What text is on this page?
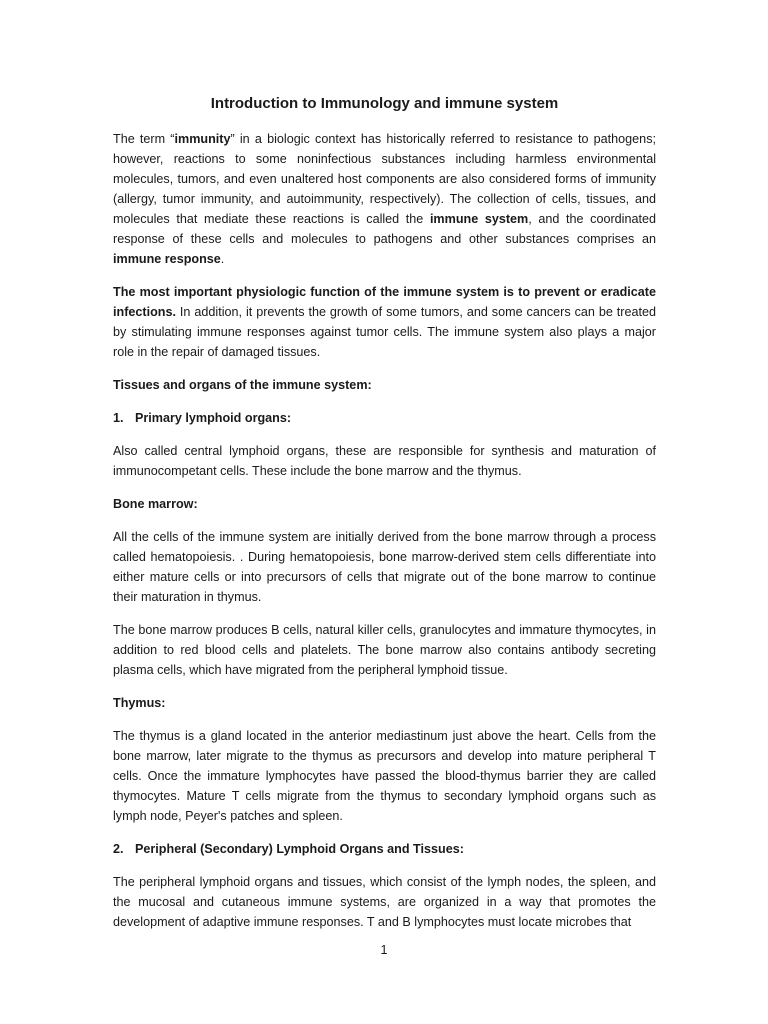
Introduction to Immunology and immune system

The term “immunity” in a biologic context has historically referred to resistance to pathogens; however, reactions to some noninfectious substances including harmless environmental molecules, tumors, and even unaltered host components are also considered forms of immunity (allergy, tumor immunity, and autoimmunity, respectively). The collection of cells, tissues, and molecules that mediate these reactions is called the immune system, and the coordinated response of these cells and molecules to pathogens and other substances comprises an immune response.

The most important physiologic function of the immune system is to prevent or eradicate infections. In addition, it prevents the growth of some tumors, and some cancers can be treated by stimulating immune responses against tumor cells. The immune system also plays a major role in the repair of damaged tissues.

Tissues and organs of the immune system:
1. Primary lymphoid organs:

Also called central lymphoid organs, these are responsible for synthesis and maturation of immunocompetant cells. These include the bone marrow and the thymus.

Bone marrow:

All the cells of the immune system are initially derived from the bone marrow through a process called hematopoiesis. . During hematopoiesis, bone marrow-derived stem cells differentiate into either mature cells or into precursors of cells that migrate out of the bone marrow to continue their maturation in thymus.

The bone marrow produces B cells, natural killer cells, granulocytes and immature thymocytes, in addition to red blood cells and platelets. The bone marrow also contains antibody secreting plasma cells, which have migrated from the peripheral lymphoid tissue.

Thymus:

The thymus is a gland located in the anterior mediastinum just above the heart. Cells from the bone marrow, later migrate to the thymus as precursors and develop into mature peripheral T cells. Once the immature lymphocytes have passed the blood-thymus barrier they are called thymocytes. Mature T cells migrate from the thymus to secondary lymphoid organs such as lymph node, Peyer's patches and spleen.

2. Peripheral (Secondary) Lymphoid Organs and Tissues:

The peripheral lymphoid organs and tissues, which consist of the lymph nodes, the spleen, and the mucosal and cutaneous immune systems, are organized in a way that promotes the development of adaptive immune responses. T and B lymphocytes must locate microbes that

1
